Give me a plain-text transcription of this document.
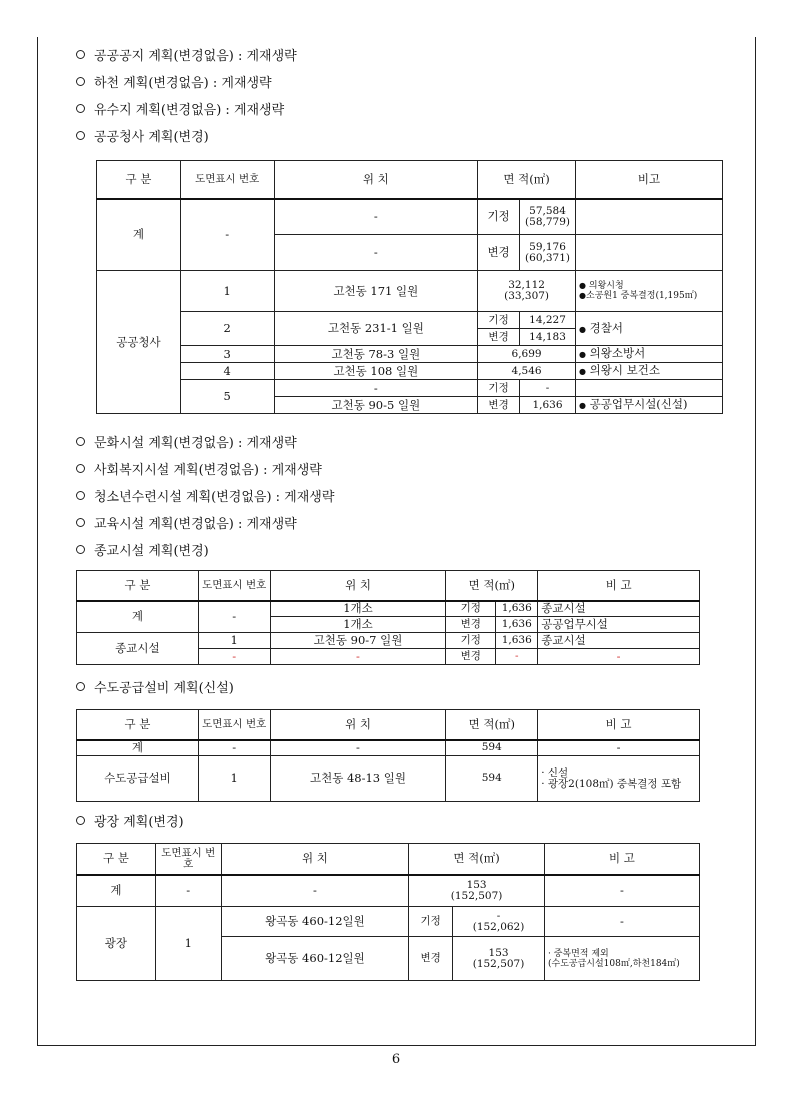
공공공지 계획(변경없음) : 게재생략
하천 계획(변경없음) : 게재생략
유수지 계획(변경없음) : 게재생략
공공청사 계획(변경)
구 분	도면표시 번호	위 치	면 적(㎡)		비고
계	-	-	기정	57,584
(58,779)	
		-	변경	59,176
(60,371)	
공공청사	1	고천동 171 일원	32,112
(33,307)		● 의왕시청
●소공원1 중복결정(1,195㎡)
	2	고천동 231-1 일원	기정	14,227	● 경찰서
			변경	14,183	
	3	고천동 78-3 일원	6,699		● 의왕소방서
	4	고천동 108 일원	4,546		● 의왕시 보건소
	5	-	기정	-	
		고천동 90-5 일원	변경	1,636	● 공공업무시설(신설)
문화시설 계획(변경없음) : 게재생략
사회복지시설 계획(변경없음) : 게재생략
청소년수련시설 계획(변경없음) : 게재생략
교육시설 계획(변경없음) : 게재생략
종교시설 계획(변경)
구 분	도면표시 번호	위 치	면 적(㎡)		비 고
계	-	1개소	기정	1,636	종교시설
		1개소	변경	1,636	공공업무시설
종교시설	1	고천동 90-7 일원	기정	1,636	종교시설
	-	-	변경	-	-
수도공급설비 계획(신설)
구 분	도면표시 번호	위 치	면 적(㎡)	비 고
계	-	-	594	-
수도공급설비	1	고천동 48-13 일원	594	· 신설
· 광장2(108㎡) 중복결정 포함
광장 계획(변경)
구 분	도면표시 번호	위 치	면 적(㎡)		비 고
계	-	-	153
(152,507)		-
광장	1	왕곡동 460-12일원	기정	-
(152,062)	-
		왕곡동 460-12일원	변경	153
(152,507)	· 중복면적 제외
(수도공급시설108㎡,하천184㎡)
6
